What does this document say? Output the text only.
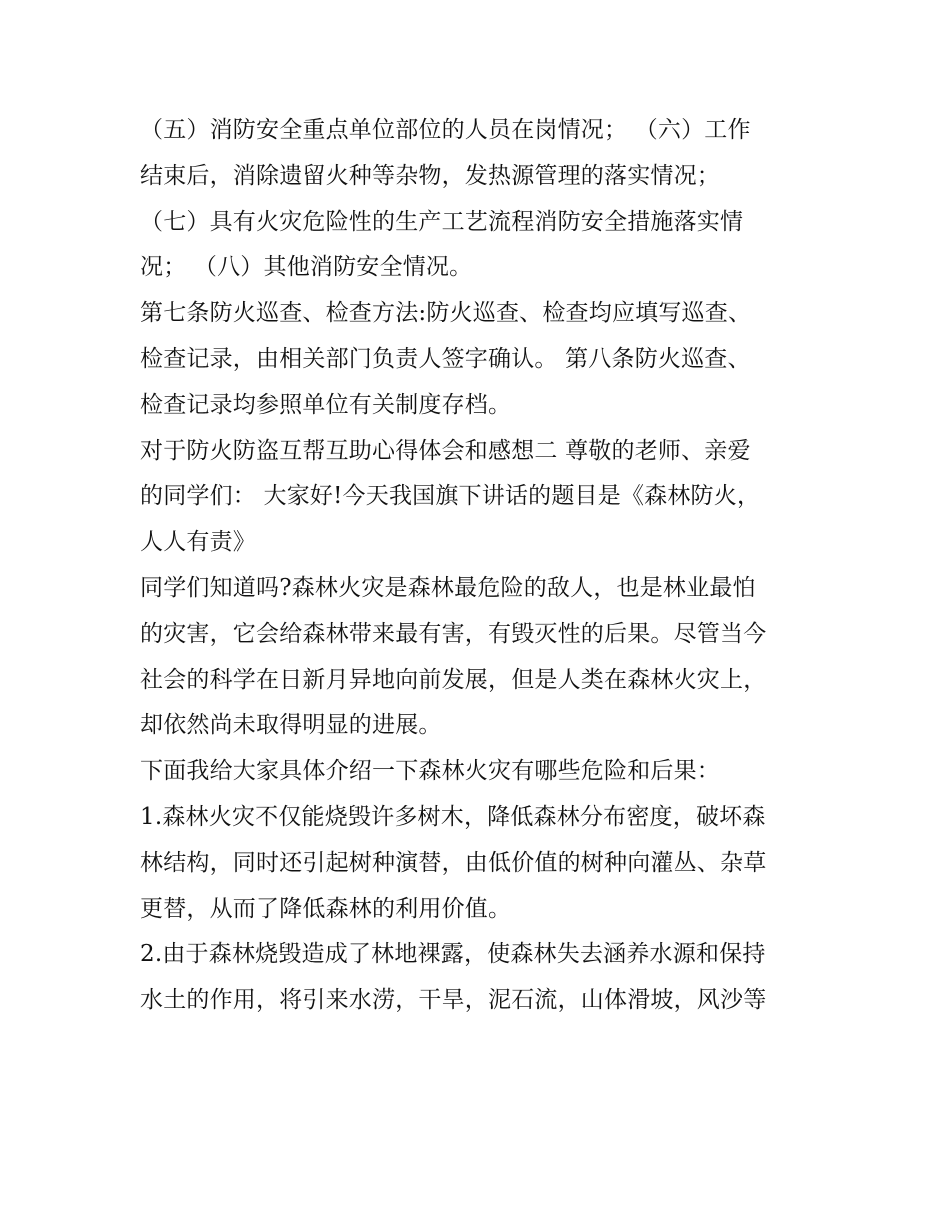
（五）消防安全重点单位部位的人员在岗情况； （六）工作
结束后，消除遗留火种等杂物，发热源管理的落实情况；
（七）具有火灾危险性的生产工艺流程消防安全措施落实情
况； （八）其他消防安全情况。
第七条防火巡查、检查方法:防火巡查、检查均应填写巡查、
检查记录，由相关部门负责人签字确认。 第八条防火巡查、
检查记录均参照单位有关制度存档。
对于防火防盗互帮互助心得体会和感想二 尊敬的老师、亲爱
的同学们： 大家好!今天我国旗下讲话的题目是《森林防火，
人人有责》
同学们知道吗?森林火灾是森林最危险的敌人，也是林业最怕
的灾害，它会给森林带来最有害，有毁灭性的后果。尽管当今
社会的科学在日新月异地向前发展，但是人类在森林火灾上，
却依然尚未取得明显的进展。
下面我给大家具体介绍一下森林火灾有哪些危险和后果：
1.森林火灾不仅能烧毁许多树木，降低森林分布密度，破坏森
林结构，同时还引起树种演替，由低价值的树种向灌丛、杂草
更替，从而了降低森林的利用价值。
2.由于森林烧毁造成了林地裸露，使森林失去涵养水源和保持
水土的作用，将引来水涝，干旱，泥石流，山体滑坡，风沙等
